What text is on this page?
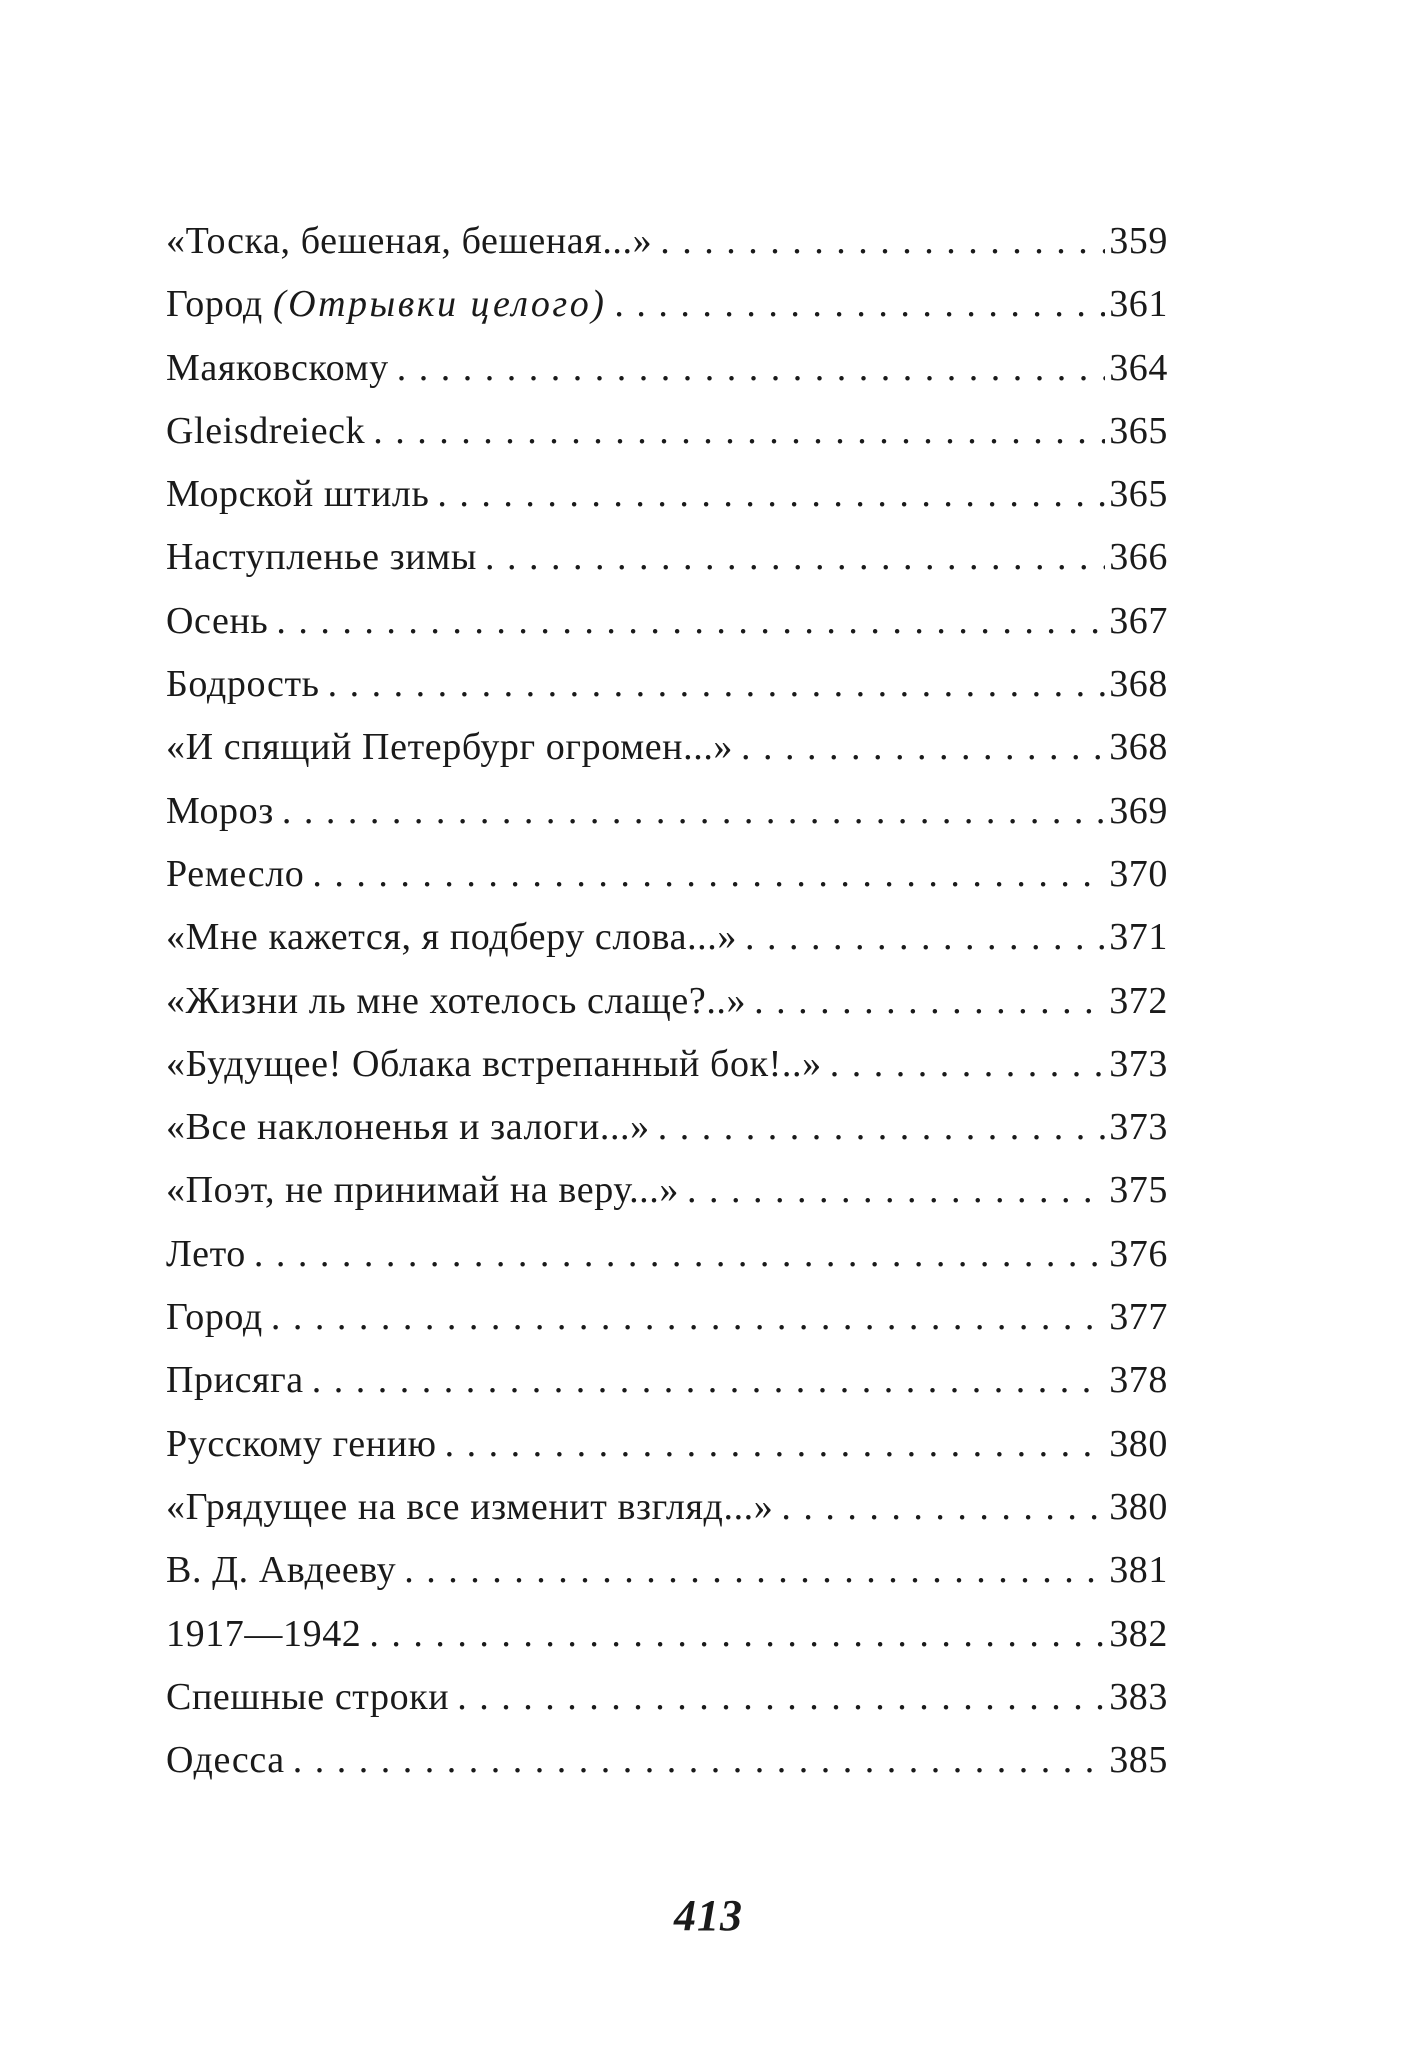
«Тоска, бешеная, бешеная...» . . .	359
Город (Отрывки целого) . . .	361
Маяковскому . . .	364
Gleisdreieck . . .	365
Морской штиль . . .	365
Наступленье зимы . . .	366
Осень . . .	367
Бодрость . . .	368
«И спящий Петербург огромен...» . . .	368
Мороз . . .	369
Ремесло . . .	370
«Мне кажется, я подберу слова...» . . .	371
«Жизни ль мне хотелось слаще?..» . . .	372
«Будущее! Облака встрепанный бок!..» . . .	373
«Все наклоненья и залоги...» . . .	373
«Поэт, не принимай на веру...» . . .	375
Лето . . .	376
Город . . .	377
Присяга . . .	378
Русскому гению . . .	380
«Грядущее на все изменит взгляд...» . . .	380
В. Д. Авдееву . . .	381
1917—1942 . . .	382
Спешные строки . . .	383
Одесса . . .	385
413
